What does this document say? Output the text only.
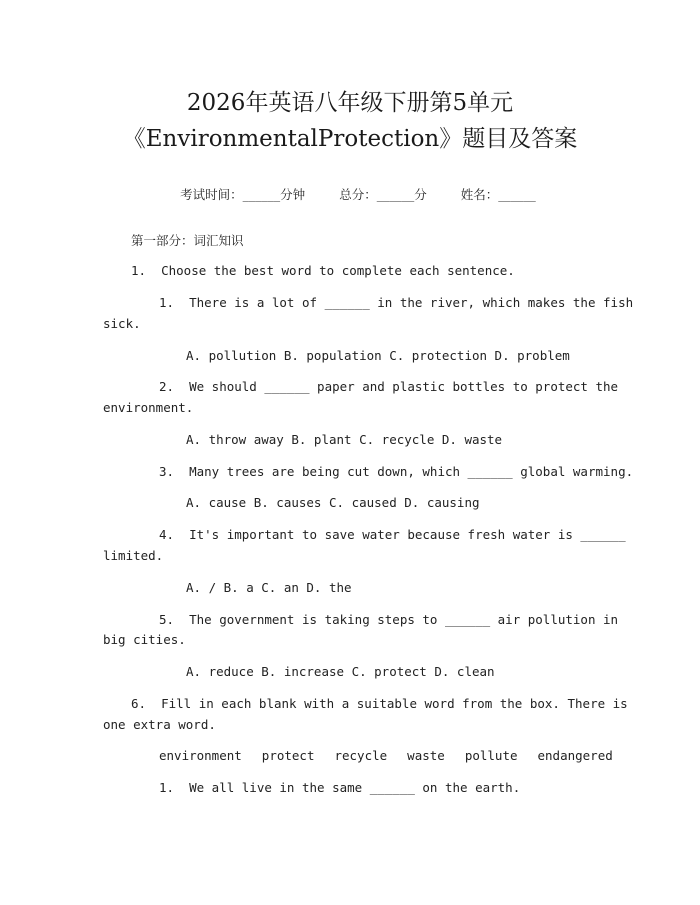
2026年英语八年级下册第5单元
《EnvironmentalProtection》题目及答案

考试时间：______分钟	总分：______分	姓名：______

第一部分：词汇知识
1.  Choose the best word to complete each sentence.
1.  There is a lot of ______ in the river, which makes the fish
sick.
A. pollution B. population C. protection D. problem
2.  We should ______ paper and plastic bottles to protect the
environment.
A. throw away B. plant C. recycle D. waste
3.  Many trees are being cut down, which ______ global warming.
A. cause B. causes C. caused D. causing
4.  It's important to save water because fresh water is ______
limited.
A. / B. a C. an D. the
5.  The government is taking steps to ______ air pollution in
big cities.
A. reduce B. increase C. protect D. clean
6.  Fill in each blank with a suitable word from the box. There is
one extra word.
environment protect recycle waste pollute endangered
1.  We all live in the same ______ on the earth.
